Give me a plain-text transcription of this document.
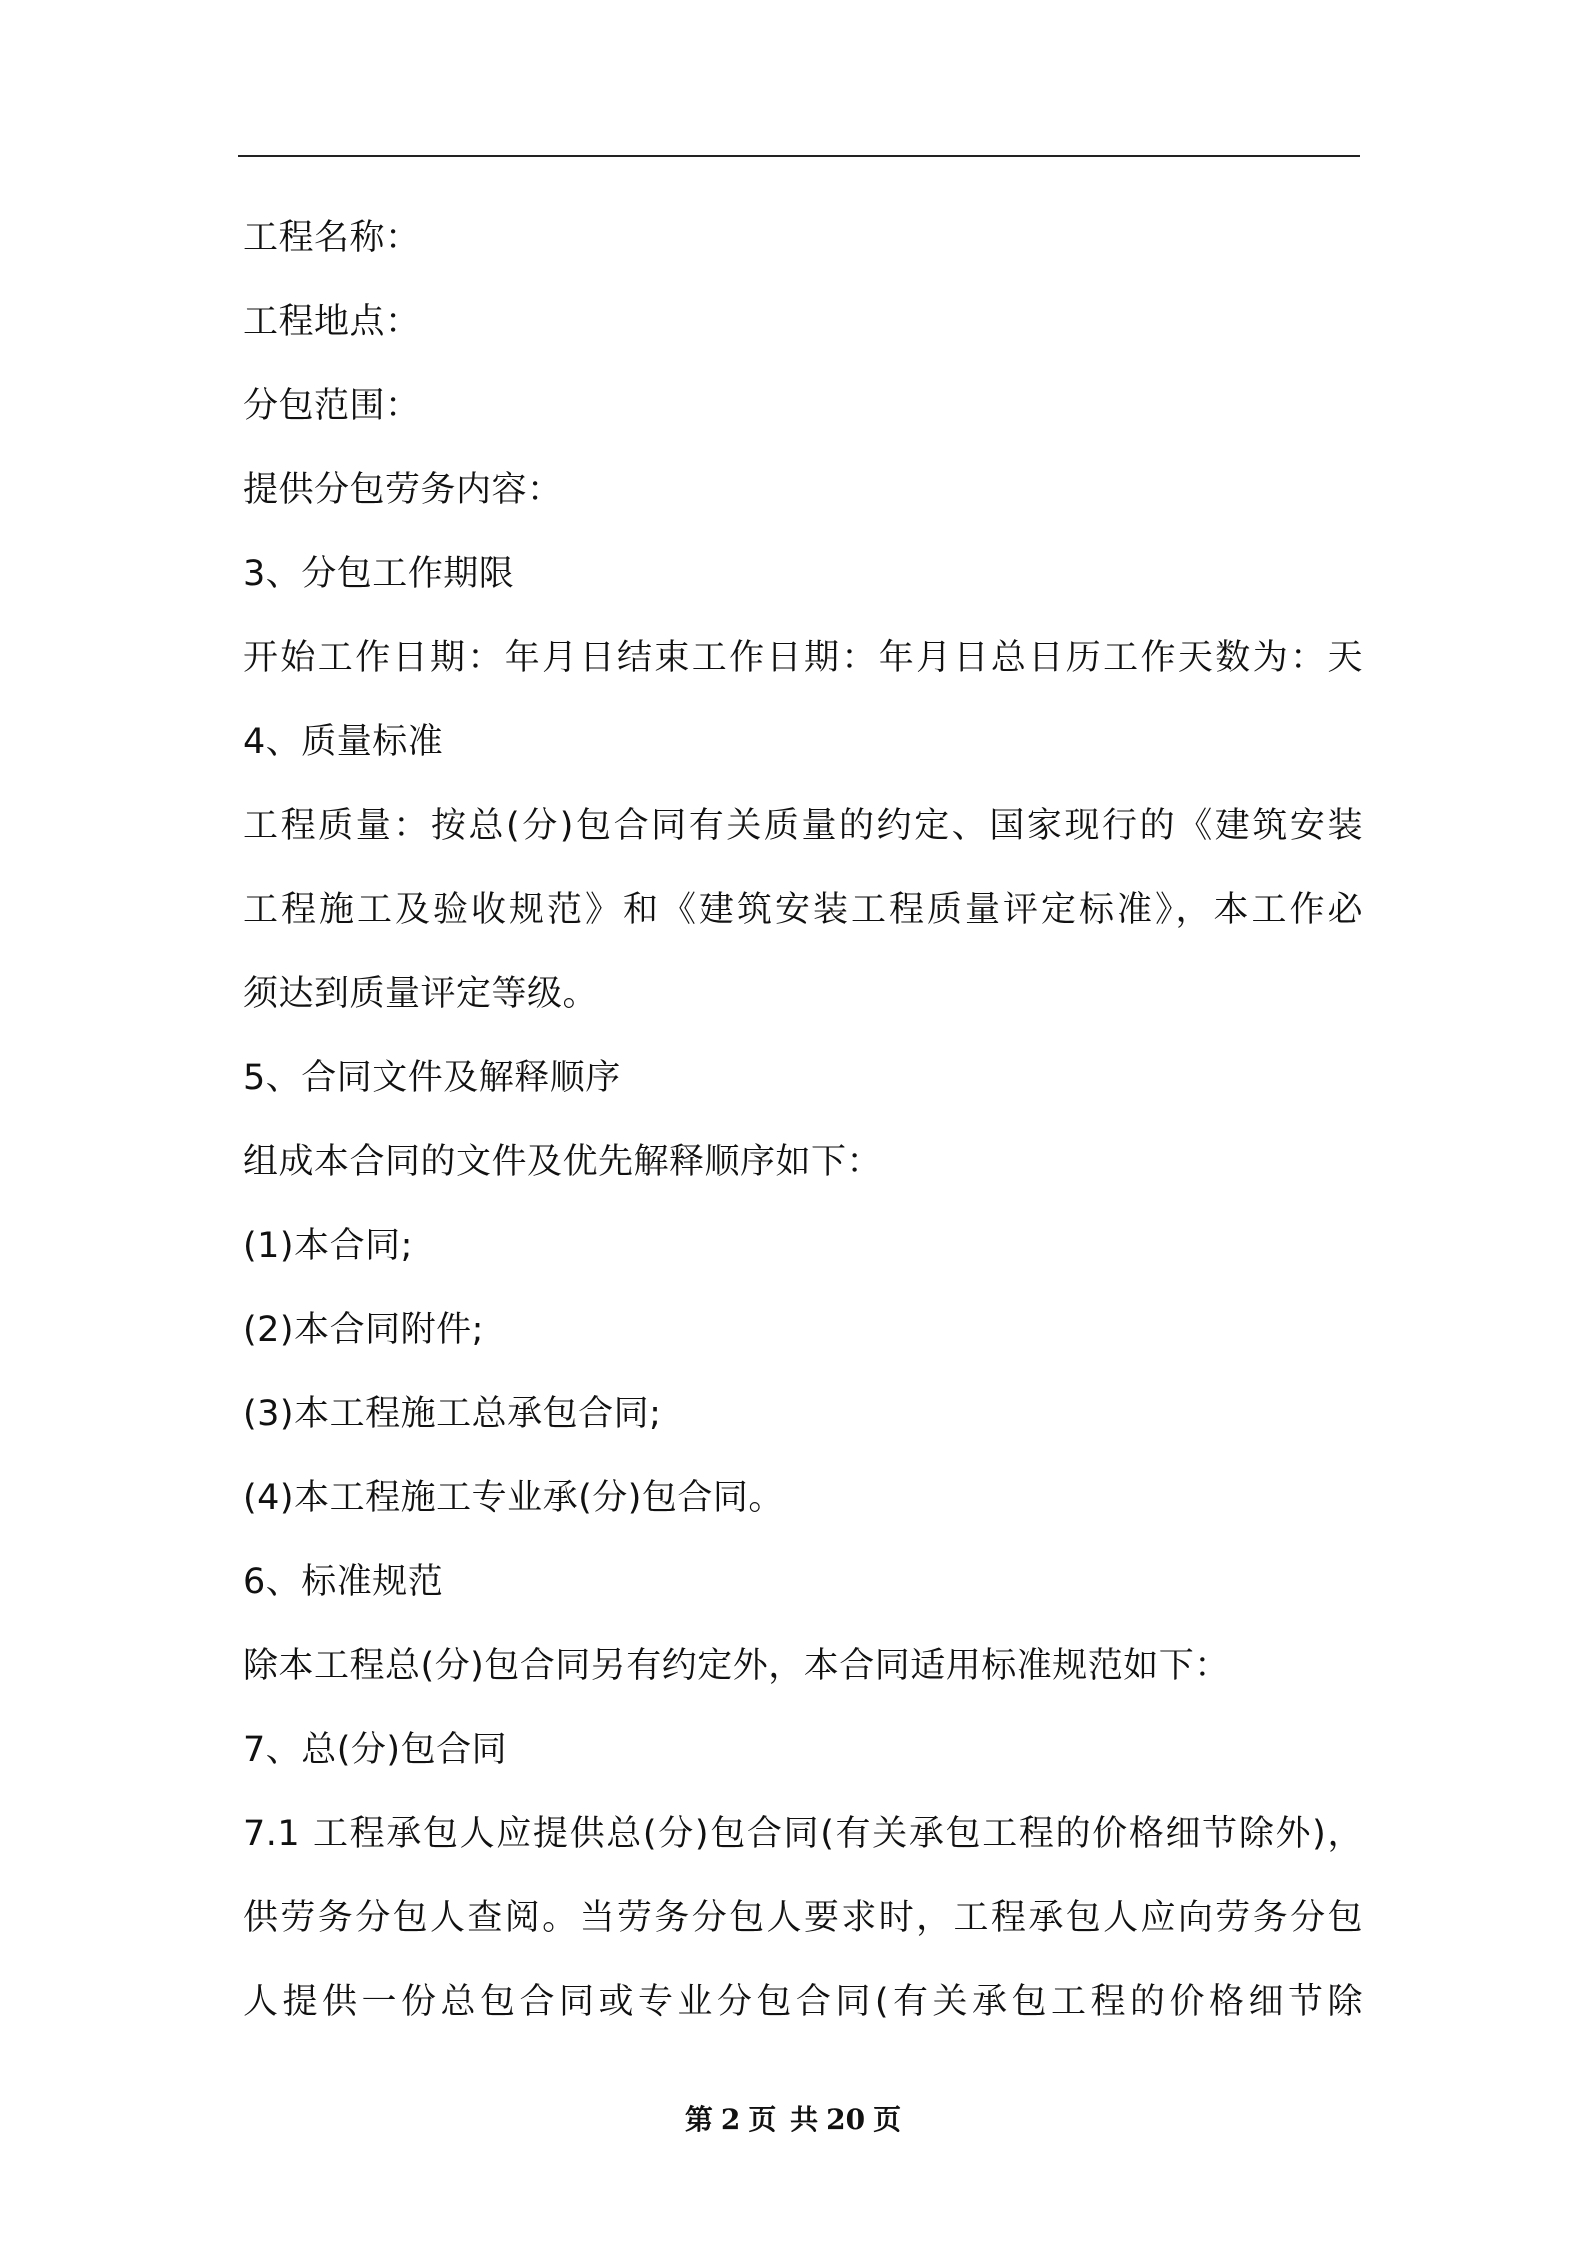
工程名称：

工程地点：

分包范围：

提供分包劳务内容：

3、分包工作期限

开始工作日期：年月日结束工作日期：年月日总日历工作天数为：天

4、质量标准

工程质量：按总(分)包合同有关质量的约定、国家现行的《建筑安装

工程施工及验收规范》和《建筑安装工程质量评定标准》，本工作必

须达到质量评定等级。

5、合同文件及解释顺序

组成本合同的文件及优先解释顺序如下：

(1)本合同;

(2)本合同附件;

(3)本工程施工总承包合同;

(4)本工程施工专业承(分)包合同。

6、标准规范

除本工程总(分)包合同另有约定外，本合同适用标准规范如下：

7、总(分)包合同

7.1 工程承包人应提供总(分)包合同(有关承包工程的价格细节除外)，

供劳务分包人查阅。当劳务分包人要求时，工程承包人应向劳务分包

人提供一份总包合同或专业分包合同(有关承包工程的价格细节除

第 2 页 共 20 页
